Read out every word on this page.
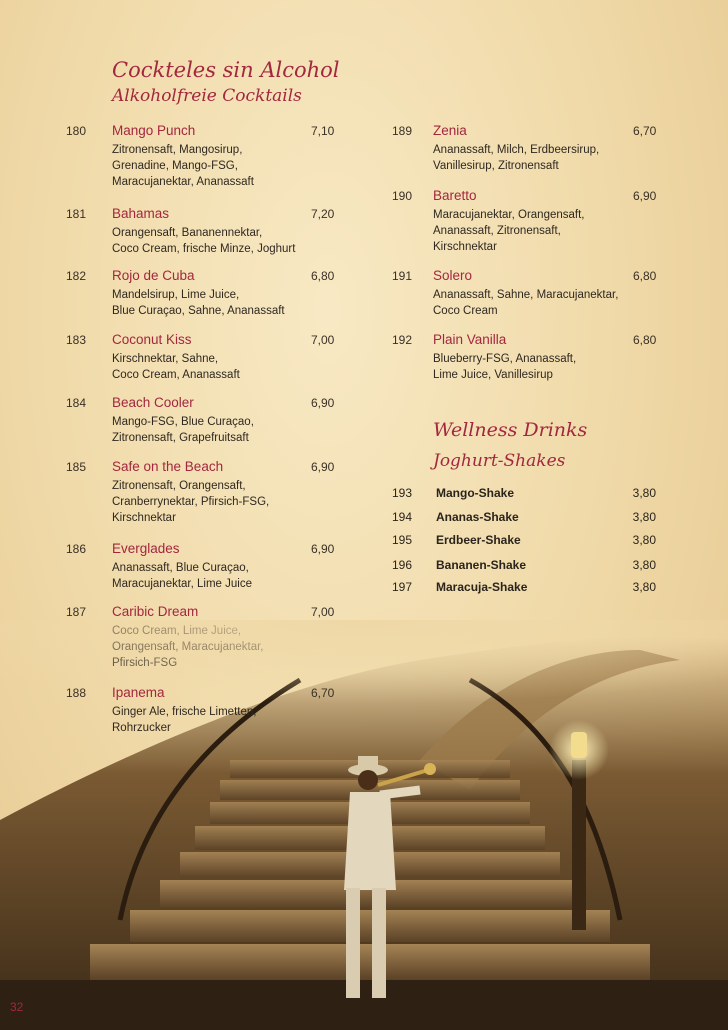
Cockteles sin Alcohol
Alkoholfreie Cocktails
180 Mango Punch	7,10
Zitronensaft, Mangosirup,
Grenadine, Mango-FSG,
Maracujanektar, Ananassaft
181 Bahamas	7,20
Orangensaft, Bananennektar,
Coco Cream, frische Minze, Joghurt
182 Rojo de Cuba	6,80
Mandelsirup, Lime Juice,
Blue Curaçao, Sahne, Ananassaft
183 Coconut Kiss	7,00
Kirschnektar, Sahne,
Coco Cream, Ananassaft
184 Beach Cooler	6,90
Mango-FSG, Blue Curaçao,
Zitronensaft, Grapefruitsaft
185 Safe on the Beach	6,90
Zitronensaft, Orangensaft,
Cranberrynektar, Pfirsich-FSG,
Kirschnektar
186 Everglades	6,90
Ananassaft, Blue Curaçao,
Maracujanektar, Lime Juice
187 Caribic Dream	7,00
189 Zenia	6,70
Ananassaft, Milch, Erdbeersirup,
Vanillesirup, Zitronensaft
190 Baretto	6,90
Maracujanektar, Orangensaft,
Ananassaft, Zitronensaft,
Kirschnektar
191 Solero	6,80
Ananassaft, Sahne, Maracujanektar,
Coco Cream
192 Plain Vanilla	6,80
Blueberry-FSG, Ananassaft,
Lime Juice, Vanillesirup
Wellness Drinks
Joghurt-Shakes
193 Mango-Shake	3,80
194 Ananas-Shake	3,80
195 Erdbeer-Shake	3,80
196 Bananen-Shake	3,80
197 Maracuja-Shake	3,80
188 Ipanema	6,70
Ginger Ale, frische Limetten,
Rohrzucker
32
